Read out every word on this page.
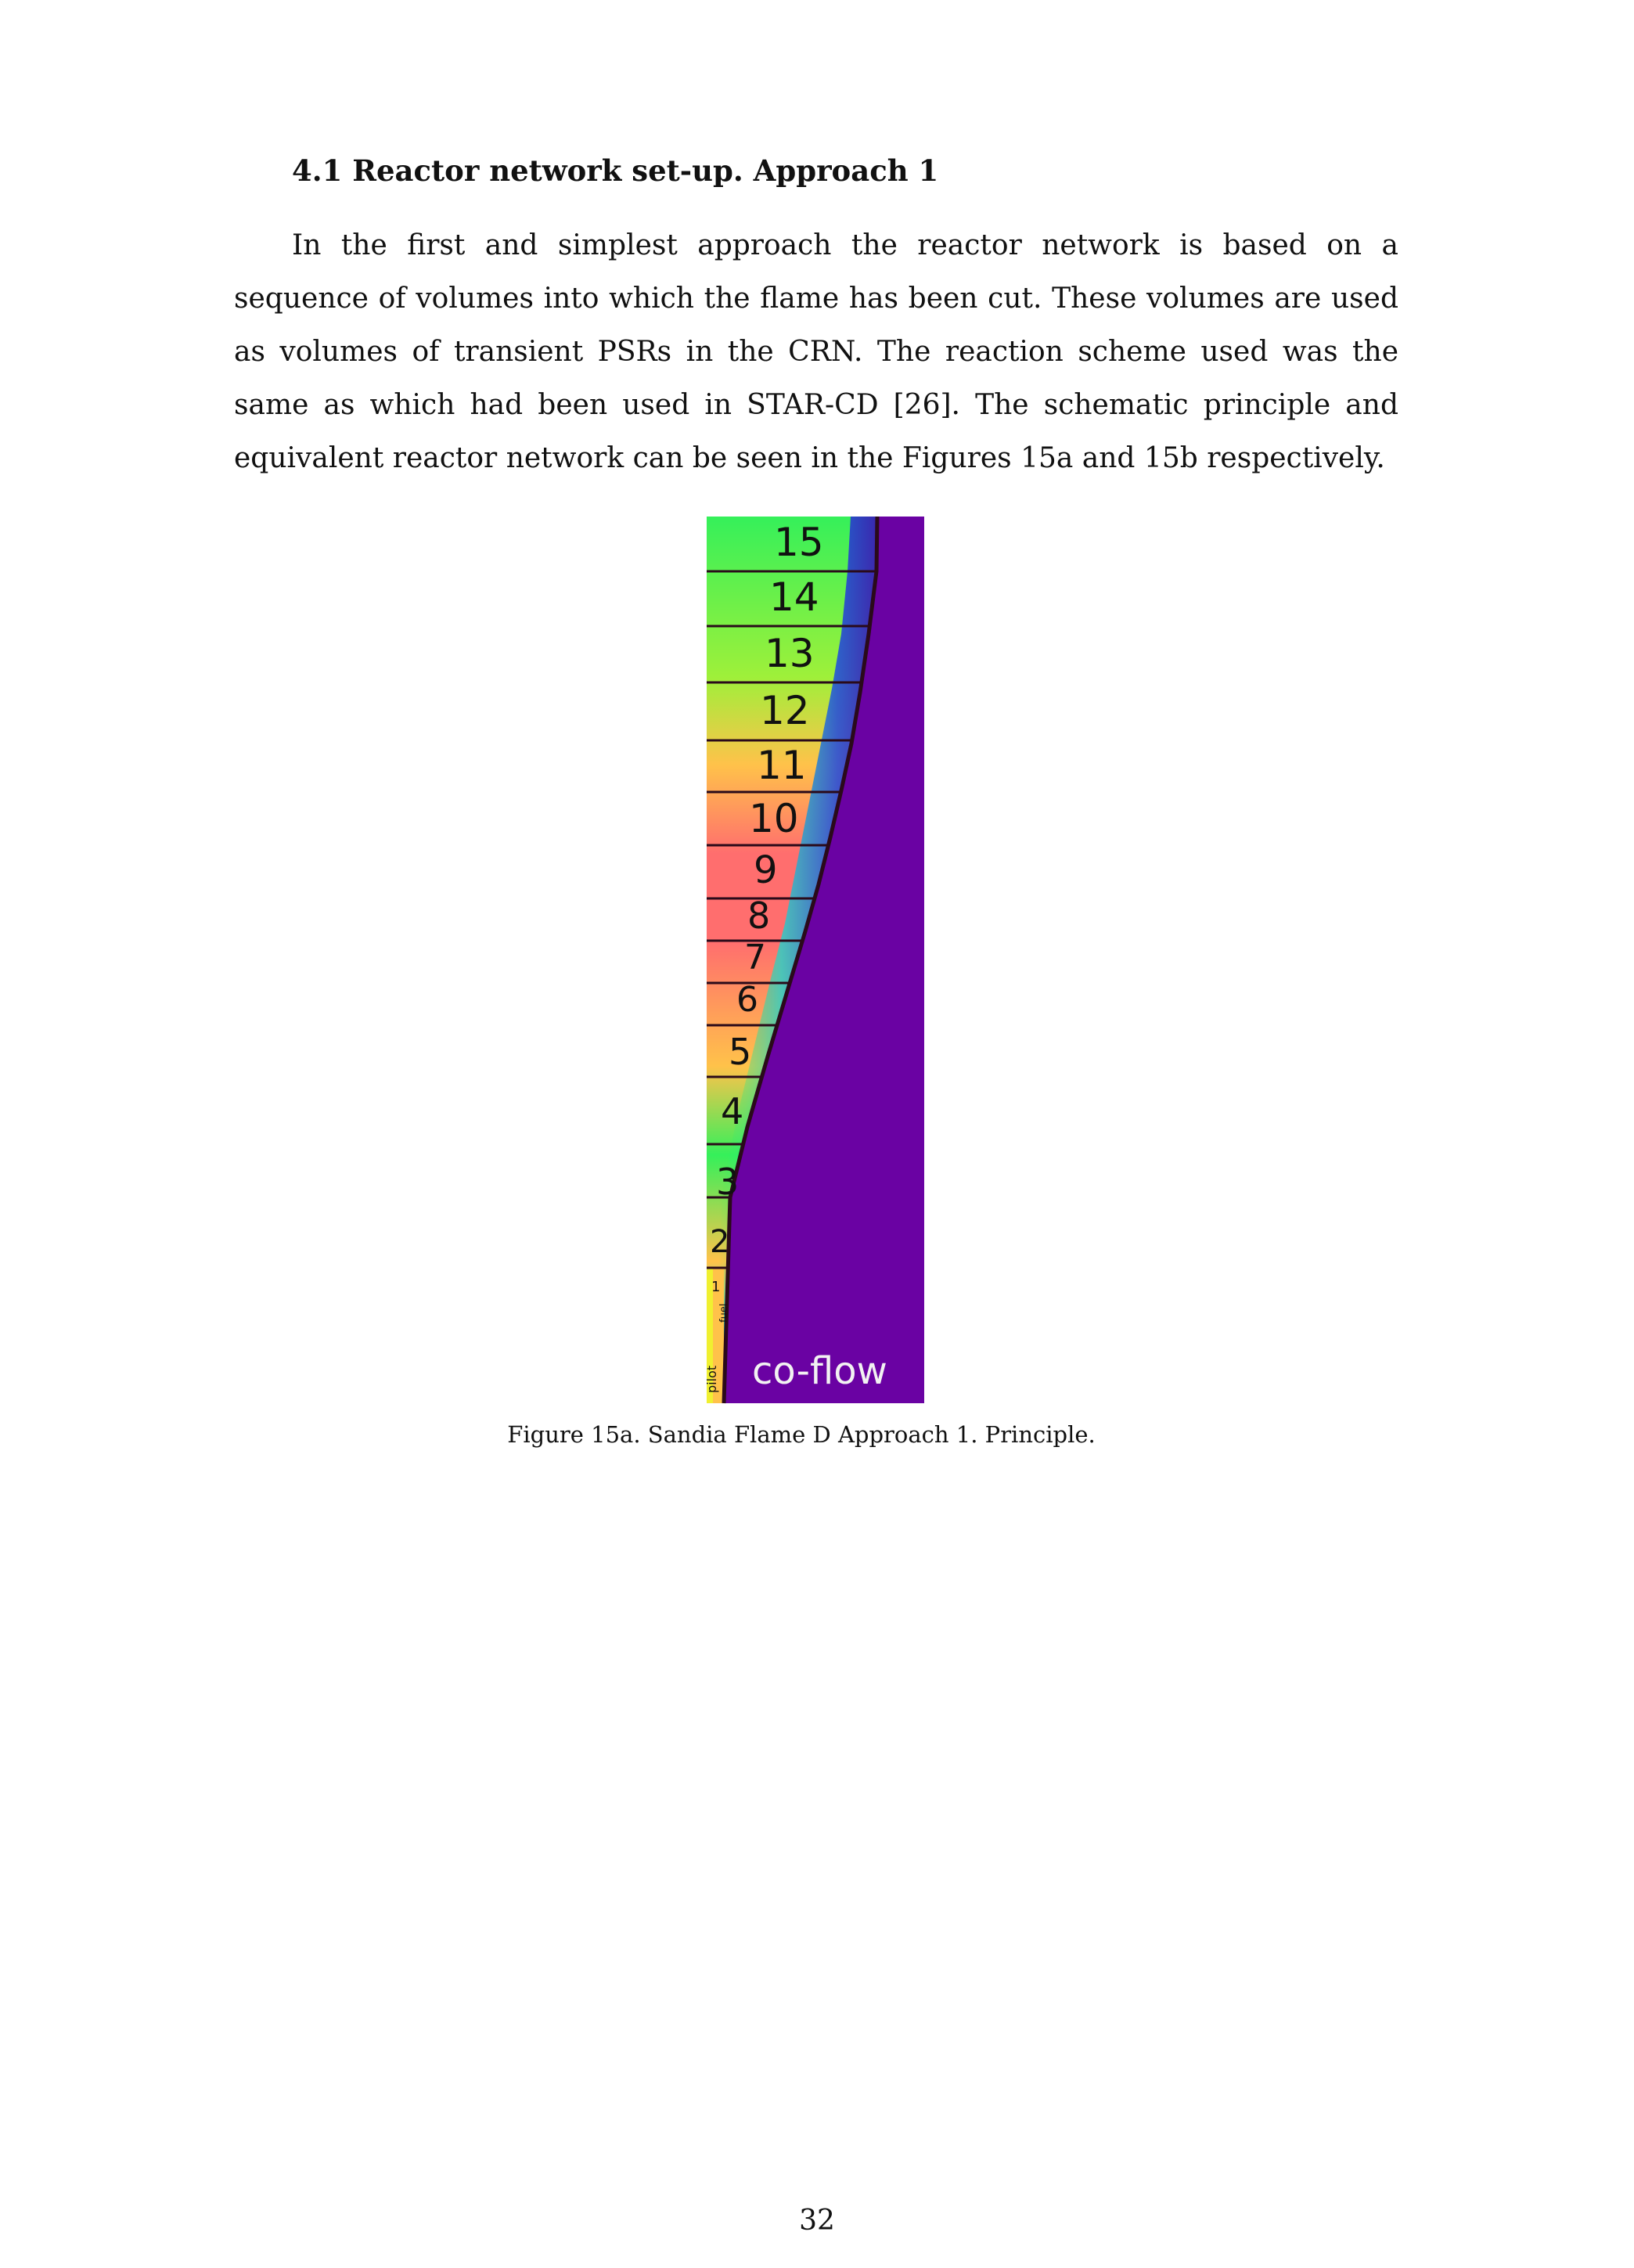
4.1 Reactor network set-up. Approach 1

In the first and simplest approach the reactor network is based on a sequence of volumes into which the flame has been cut. These volumes are used as volumes of transient PSRs in the CRN. The reaction scheme used was the same as which had been used in STAR-CD [26]. The schematic principle and equivalent reactor network can be seen in the Figures 15a and 15b respectively.

15
14
13
12
11
10
9
8
7
6
5
4
3
2
1
pilot
fuel
co-flow

Figure 15a. Sandia Flame D Approach 1. Principle.

32
